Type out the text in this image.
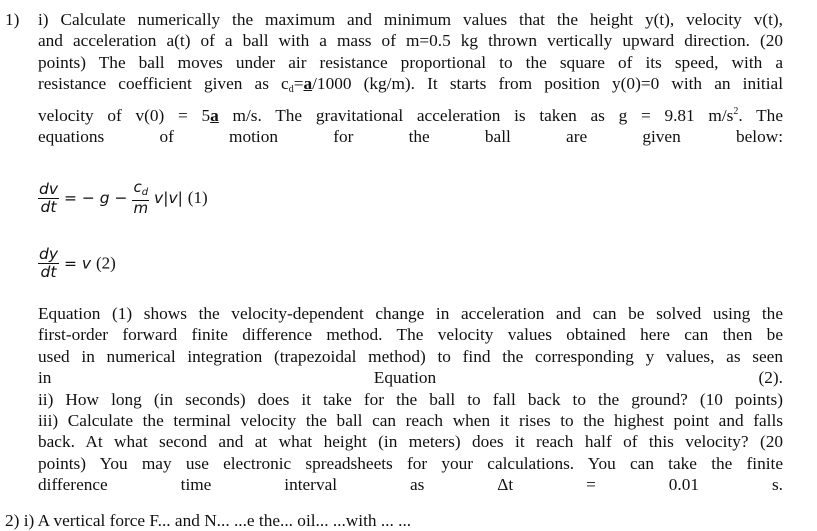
1) i) Calculate numerically the maximum and minimum values that the height y(t), velocity v(t),
and acceleration a(t) of a ball with a mass of m=0.5 kg thrown vertically upward direction. (20
points) The ball moves under air resistance proportional to the square of its speed, with a
resistance coefficient given as $c_d=a/1000$ (kg/m). It starts from position y(0)=0 with an initial
velocity of v(0) = 5a m/s. The gravitational acceleration is taken as g = 9.81 $m/s^2$. The
equations of motion for the ball are given below:
$\frac{dv}{dt}$ = − $g - \frac{c_d}{m} v|v|$ (1)
$\frac{dy}{dt} = v$ (2)
Equation (1) shows the velocity-dependent change in acceleration and can be solved using the
first-order forward finite difference method. The velocity values obtained here can then be
used in numerical integration (trapezoidal method) to find the corresponding y values, as seen
in Equation (2).
ii) How long (in seconds) does it take for the ball to fall back to the ground? (10 points)
iii) Calculate the terminal velocity the ball can reach when it rises to the highest point and falls
back. At what second and at what height (in meters) does it reach half of this velocity? (20
points) You may use electronic spreadsheets for your calculations. You can take the finite
difference time interval as Δt = 0.01 s.
2) i) A vertical force F... and N... ...e the... oil... ...with ... ...
